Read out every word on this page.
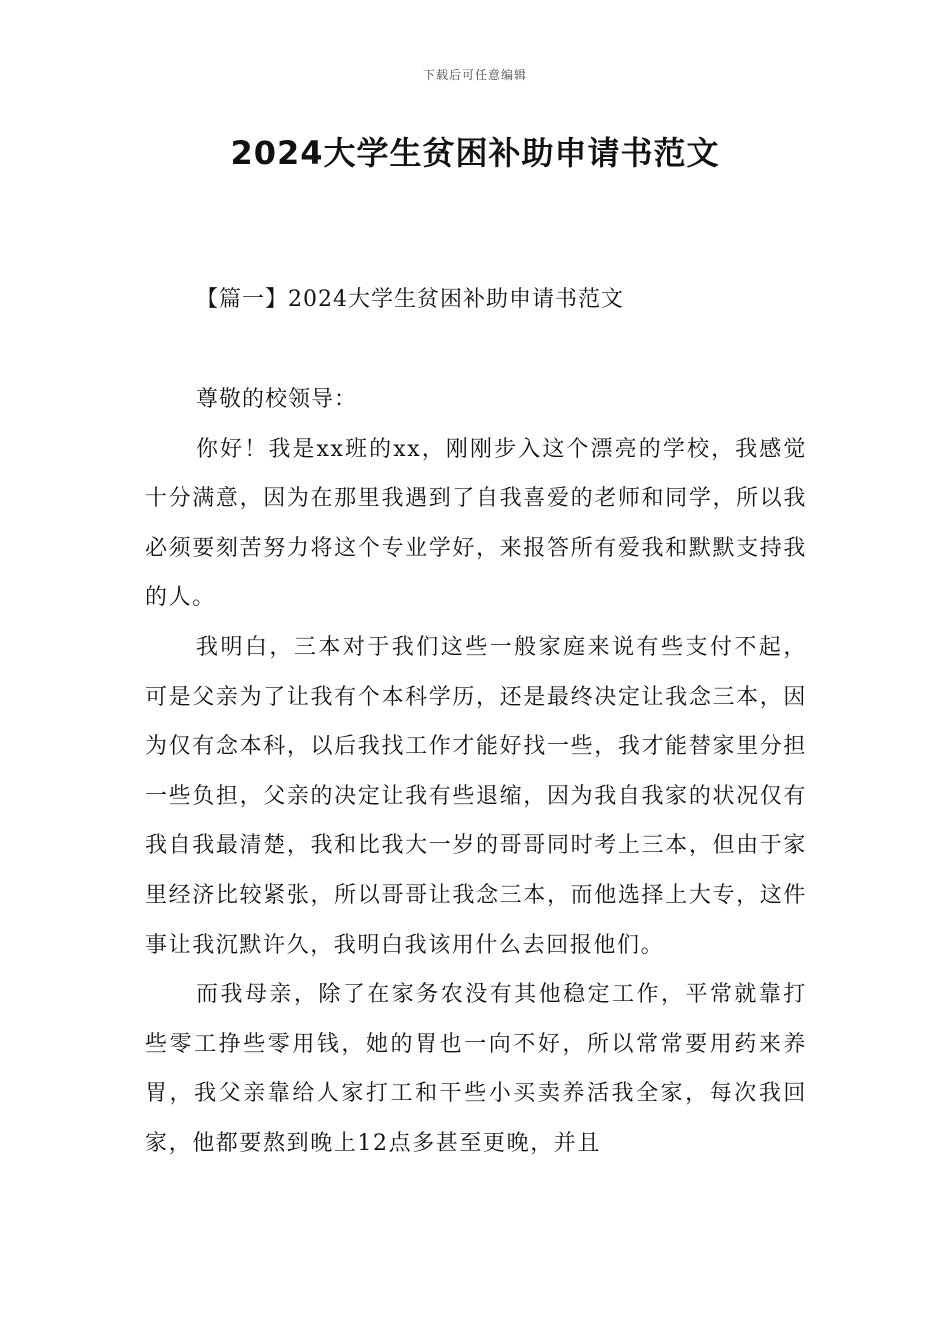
下载后可任意编辑
2024大学生贫困补助申请书范文
【篇一】2024大学生贫困补助申请书范文

尊敬的校领导：

你好！我是xx班的xx，刚刚步入这个漂亮的学校，我感觉十分满意，因为在那里我遇到了自我喜爱的老师和同学，所以我必须要刻苦努力将这个专业学好，来报答所有爱我和默默支持我的人。

我明白，三本对于我们这些一般家庭来说有些支付不起，可是父亲为了让我有个本科学历，还是最终决定让我念三本，因为仅有念本科，以后我找工作才能好找一些，我才能替家里分担一些负担，父亲的决定让我有些退缩，因为我自我家的状况仅有我自我最清楚，我和比我大一岁的哥哥同时考上三本，但由于家里经济比较紧张，所以哥哥让我念三本，而他选择上大专，这件事让我沉默许久，我明白我该用什么去回报他们。

而我母亲，除了在家务农没有其他稳定工作，平常就靠打些零工挣些零用钱，她的胃也一向不好，所以常常要用药来养胃，我父亲靠给人家打工和干些小买卖养活我全家，每次我回家，他都要熬到晚上12点多甚至更晚，并且
